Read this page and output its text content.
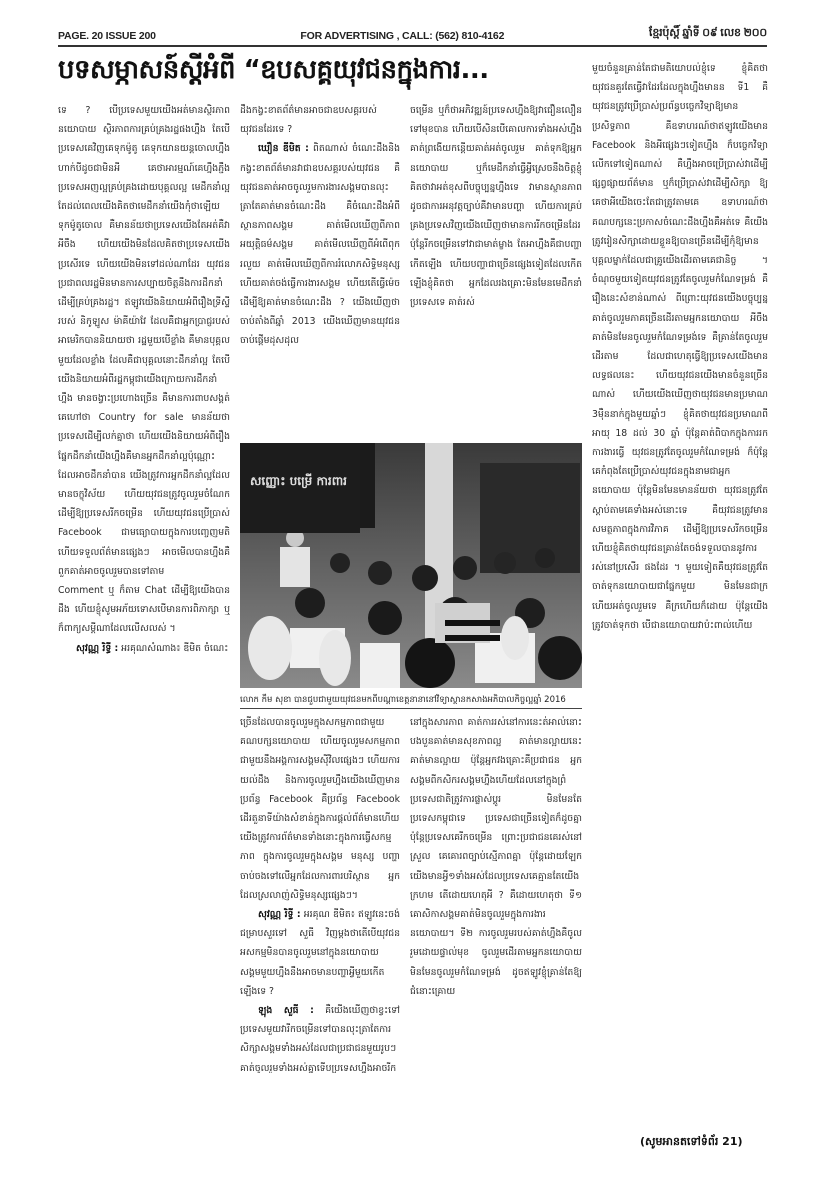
PAGE. 20 ISSUE 200	FOR ADVERTISING , CALL: (562) 810-4162	ខ្មែរប៉ុស្តិ៍ ឆ្នាំទី ០៩ លេខ ២០០
បទសម្ភាសន៍ស្តីអំពី “ឧបសគ្គយុវជនក្នុងការ...

ទេ ? បើប្រទេសមួយយើងអត់មានស្ថិរភាពនយោបាយ ស្ថិរភាពការគ្រប់គ្រងរដ្ឋផងហ្នឹង តែបើប្រទេសគេវិញគេទុកម៉ូតូ គេទុកយានយន្តចោលហ្នឹងហាក់បីដូចជាមិនអី គេថាអារម្មណ៍គេហ្នឹងភ្ជឹង ប្រទេសអញល្អគ្រប់គ្រងដោយបុគ្គលល្អ មេដឹកនាំល្អ តែដល់ពេលយើងគិតថាមេដឹកនាំយើងកុំថាឡើយទុកម៉ូតូចោល គឺមានន័យថាប្រទេសយើងតែអត់គឺវាអីចឹង ហើយយើងមិនដែលគិតថាប្រទេសយើងប្រសើរទេ ហើយយើងមិនទៅដល់ណាដែរ យុវជនប្រជាពលរដ្ឋមិនមានការសប្បាយចិត្តនឹងការដឹកនាំ ដើម្បីគ្រប់គ្រងរដ្ឋ។ ឥឡូវយើងនិយាយអំពីរឿងទ្រីស្ទីរបស់ និកូឡូស ម៉ាគីយ៉ាវែ ដែលគឺជាអ្នកប្រាជ្ញរបស់អាមេរិកបាននិយាយថា រដ្ឋមួយបើខ្លាំង គឺមានបុគ្គលមួយដែលខ្លាំង ដែលគឺជាបុគ្គលនោះដឹកនាំល្អ តែបើយើងនិយាយអំពីរដ្ឋកម្ពុជាយើងក្រោយការដឹកនាំហ្នឹង មានចង្វាះប្រហោងច្រើន គឺមានការពាបសង្គត់គេហៅថា Country for sale មានន័យថា ប្រទេសដើម្បីលក់គ្នាថា ហើយយើងនិយាយអំពីរឿងផ្នែកដឹកនាំយើងហ្នឹងគឺមានអ្នកដឹកនាំល្អប៉ុណ្ណោះ ដែលអាចដឹកនាំបាន យើងត្រូវការអ្នកដឹកនាំល្អដែលមានចក្ខុវិស័យ ហើយយុវជនត្រូវចូលរួមចំណែក ដើម្បីឱ្យប្រទេសរីកចម្រើន ហើយយុវជនប្រើប្រាស់ Facebook ជាមធ្យោបាយក្នុងការបញ្ចេញមតិ ហើយទទួលព័ត៌មានផ្សេងៗ អាចមើលបានហ្នឹងគឺពួកគាត់អាចចូលរួមបានទៅតាម

Comment ឬ ក៏តាម Chat ដើម្បីឱ្យយើងបានដឹង ហើយខ្ញុំសូមអភ័យទោសបើមានការពិភាក្សា ឬក៏ពាក្យសម្ដីណាដែលលើសលស់ ។

សុវណ្ណ រិទ្ធី : អរគុណសំណាង៖ ឌីមិត ចំណេះ

ដឹងកង្វះខាតព័ត៌មានអាចជាឧបសគ្គរបស់យុវជនដែរទេ ?

ឃឿន ឌីមិត : ពិតណាស់ ចំណេះដឹងនិងកង្វះខាតព័ត៌មានវាជាឧបសគ្គរបស់យុវជន គឺយុវជនគាត់អាចចូលរួមការងារសង្គមបានលុះត្រាតែគាត់មានចំណេះដឹង គឺចំណេះដឹងអំពីស្ថានភាពសង្គម គាត់មើលឃើញពីភាពអយុត្តិធម៌សង្គម គាត់មើលឃើញពីអំពើពុករលួយ គាត់មើលឃើញពីការរំលោភសិទ្ធិមនុស្ស ហើយគាត់ចង់ធ្វើការងារសង្គម ហើយតើធ្វើម៉េចដើម្បីឱ្យគាត់មានចំណេះដឹង ? យើងឃើញថាចាប់តាំងពីឆ្នាំ 2013 យើងឃើញមានយុវជនចាប់ផ្តើមដុសដុល

ចម្រើន ឬក៏ថាអភិវឌ្ឍន៍ប្រទេសហ្នឹងឱ្យវាជឿនលឿនទៅមុខបាន ហើយបើសិនបើគោលការទាំងអស់ហ្នឹងគាត់ព្រងើយកន្តើយគាត់អត់ចូលរួម គាត់ទុកឱ្យអ្នកនយោបាយ ឬក៏មេដឹកនាំធ្វើអ្វីស្រេចនឹងចិត្តខ្ញុំគិតថាវាអត់ខុសពីបច្ចុប្បន្នហ្នឹងទេ វាមានស្ថានភាពដូចជាការអនុវត្តច្បាប់គឺវាមានបញ្ហា ហើយការគ្រប់គ្រងប្រទេសវិញយើងឃើញថាមានការរីកចម្រើនដែរ ប៉ុន្តែរីកចម្រើនទៅវាជាមាត់ម្ខាង តែអាហ្នឹងគឺជាបញ្ហាកើតឡើង ហើយបញ្ហាជាច្រើនផ្សេងទៀតដែលកើតឡើងខ្ញុំគិតថា អ្នកដែលរងគ្រោះមិនមែនមេដឹកនាំប្រទេសទេ គាត់រស់

សញ្ញោះ បម្រើ ការពារ
លោក កឹម សុខា បានជួបជាមួយយុវជនមកពីបណ្តាខេត្តនានានៅវិទ្យាស្ថានកសាងអភិបាលកិច្ចល្អ​ឆ្នាំ 2016

ច្រើនដែលបានចូលរួមក្នុងសកម្មភាពជាមួយគណបក្សនយោបាយ ហើយចូលរួមសកម្មភាពជាមួយនឹងអង្គការសង្គមស៊ីវិលផ្សេងៗ ហើយការយល់ដឹង និងការចូលរួមហ្នឹងយើងឃើញមានប្រព័ន្ធ Facebook គឺប្រព័ន្ធ Facebook ដើរតួនាទីយ៉ាងសំខាន់ក្នុងការផ្តល់ព័ត៌មានហើយយើងត្រូវការព័ត៌មានទាំងនោះក្នុងការធ្វើសកម្មភាព ក្នុងការចូលរួមក្នុងសង្គម មនុស្ស បញ្ហាចាប់ចងទៅលើអ្នកដែលការពារបរិស្ថាន អ្នកដែលស្រលាញ់សិទ្ធិមនុស្សផ្សេងៗ។

សុវណ្ណ រិទ្ធី : អរគុណ ឌីមិត៖ ឥឡូវនេះចង់ជម្រាបសួរទៅ សួធី វិញម្តងថាតើបើយុវជនអសកម្មមិនបានចូលរួមនៅក្នុងនយោបាយ សង្គមមួយហ្នឹងនឹងអាចមានបញ្ហាអ្វីមួយកើតឡើងទេ ?

ឡុង សួធី : គឺយើងឃើញថាខ្វះទៅប្រទេសមួយវារីកចម្រើនទៅបានលុះត្រាតែការសិក្សាសង្គមទាំងអស់ដែលជាប្រជាជនមួយរូបៗគាត់ចូលរួមទាំងអស់គ្នាទើបប្រទេសហ្នឹងអាចរីក

នៅក្នុងសារភាព គាត់ការរស់នៅការនេះត់អាល់នោះ បងបួនគាត់មានសុខភាពល្អ គាត់មានល្អាយនេះ គាត់មានល្អាយ ប៉ុន្តែអ្នកវងគ្រោះគឺប្រជាជន អ្នកសង្គមពីកសិករសង្គមហ្នឹងហើយដែលនៅក្នុងព្រំប្រទេសជាតិត្រូវការផ្លាស់ប្តូរ មិនមែនតែប្រទេសកម្ពុជាទេ ប្រទេសជាច្រើនទៀតក៏ដូចគ្នា ប៉ុន្តែប្រទេសគេរីកចម្រើន ព្រោះប្រជាជនគេរស់នៅស្រួល គេគោរពច្បាប់ស្មើភាពគ្នា ប៉ុន្តែដោយឡែកយើងមានអ្វី១ទាំងអស់ដែលប្រទេសគេគ្មានតែយើងក្រហម តើដោយហេតុអី ? គឺដោយហេតុថា ទី១ គោសិកាសង្គមគាត់មិនចូលរួមក្នុងការងារនយោបាយ។ ទី២ ការចូលរួមរបស់គាត់ហ្នឹងគឺចូលរួមដោយផ្ទាល់មុខ ចូលរួមដើរតាមអ្នកនយោបាយ មិនមែនចូលរួមកំណែទម្រង់ ដូចឥឡូវខ្ញុំគ្រាន់តែឱ្យជំនោះគ្រោយ

មួយចំនួនគ្រាន់តែជាមតិយោបល់ខ្ញុំទេ ខ្ញុំគិតថាយុវជនគួរតែធ្វើវាដែរដែលក្នុងហ្នឹងមានន ទី1 គឺយុវជនត្រូវប្រើប្រាស់ប្រព័ន្ធបច្ចេកវិទ្យាឱ្យមានប្រសិទ្ធភាព គឺឧទាហរណ៍ថាឥឡូវយើងមាន Facebook និងអីផ្សេងៗទៀតហ្នឹង ក៏បច្ចេកវិទ្យាលើកទៅទៀតណាស់ គឺហ្នឹងអាចប្រើប្រាស់វាដើម្បីផ្សព្វផ្សាយព័ត៌មាន ឬក៏ប្រើប្រាស់វាដើម្បីសិក្សា ឱ្យគេថាអីយើងចេះតែជាត្រូវតាមគេ ឧទាហរណ៍ថា គណបក្សនេះប្រកាសចំណេះដឹងហ្នឹងគឺអត់ទេ គឺយើងត្រូវរៀនសិក្សាដោយខ្លួនឱ្យបានច្រើនដើម្បីកុំឱ្យមានបុគ្គលម្នាក់ដែលជាគ្រូយើងដើរតាមគេជានិច្ច ។ ចំណុចមួយទៀតយុវជនត្រូវតែចូលរួមកំណែទម្រង់ គឺរឿងនេះសំខាន់ណាស់ ពីព្រោះយុវជនយើងបច្ចុប្បន្នគាត់ចូលរួមភាគច្រើនដើរតាមអ្នកនយោបាយ អីចឹងគាត់មិនមែនចូលរួមកំណែទម្រង់ទេ គឺគ្រាន់តែចូលរួមដើរតាម ដែលជាហេតុធ្វើឱ្យប្រទេសយើងមានលទ្ធផលនេះ ហើយយុវជនយើងមានចំនួនច្រើនណាស់ ហើយយើងឃើញថាយុវជនមានប្រមាណ 3ម៉ឺននាក់ក្នុងមួយឆ្នាំៗ ខ្ញុំគិតថាយុវជនប្រមាណពីអាយុ 18 ដល់ 30 ឆ្នាំ ប៉ុន្តែគាត់ពិបាកក្នុងការរកការងារធ្វើ យុវជនត្រូវតែចូលរួមកំណែទម្រង់ ក៏ប៉ុន្តែគេកំពុងតែប្រើប្រាស់យុវជនក្នុងនាមជាអ្នកនយោបាយ ប៉ុន្តែមិនមែនមានន័យថា យុវជនត្រូវតែស្ដាប់តាមគេទាំងអស់នោះទេ គឺយុវជនត្រូវមានសមត្ថភាពក្នុងការវិភាគ ដើម្បីឱ្យប្រទេសរីកចម្រើន ហើយខ្ញុំគិតថាយុវជនគ្រាន់តែចង់ទទួលបាននូវការរស់នៅប្រសើរ ផងដែរ ។ មួយទៀតគឺយុវជនត្រូវតែចាត់ទុកនយោបាយជាផ្នែកមួយ មិនមែនជាក្រហើយអត់ចូលរួមទេ គឺក្រហើយក៏ដោយ ប៉ុន្តែយើងត្រូវចាត់ទុកថា បើជានយោបាយវាប៉ះពាល់ហើយ

(សូមអានតទៅទំព័រ 21)
